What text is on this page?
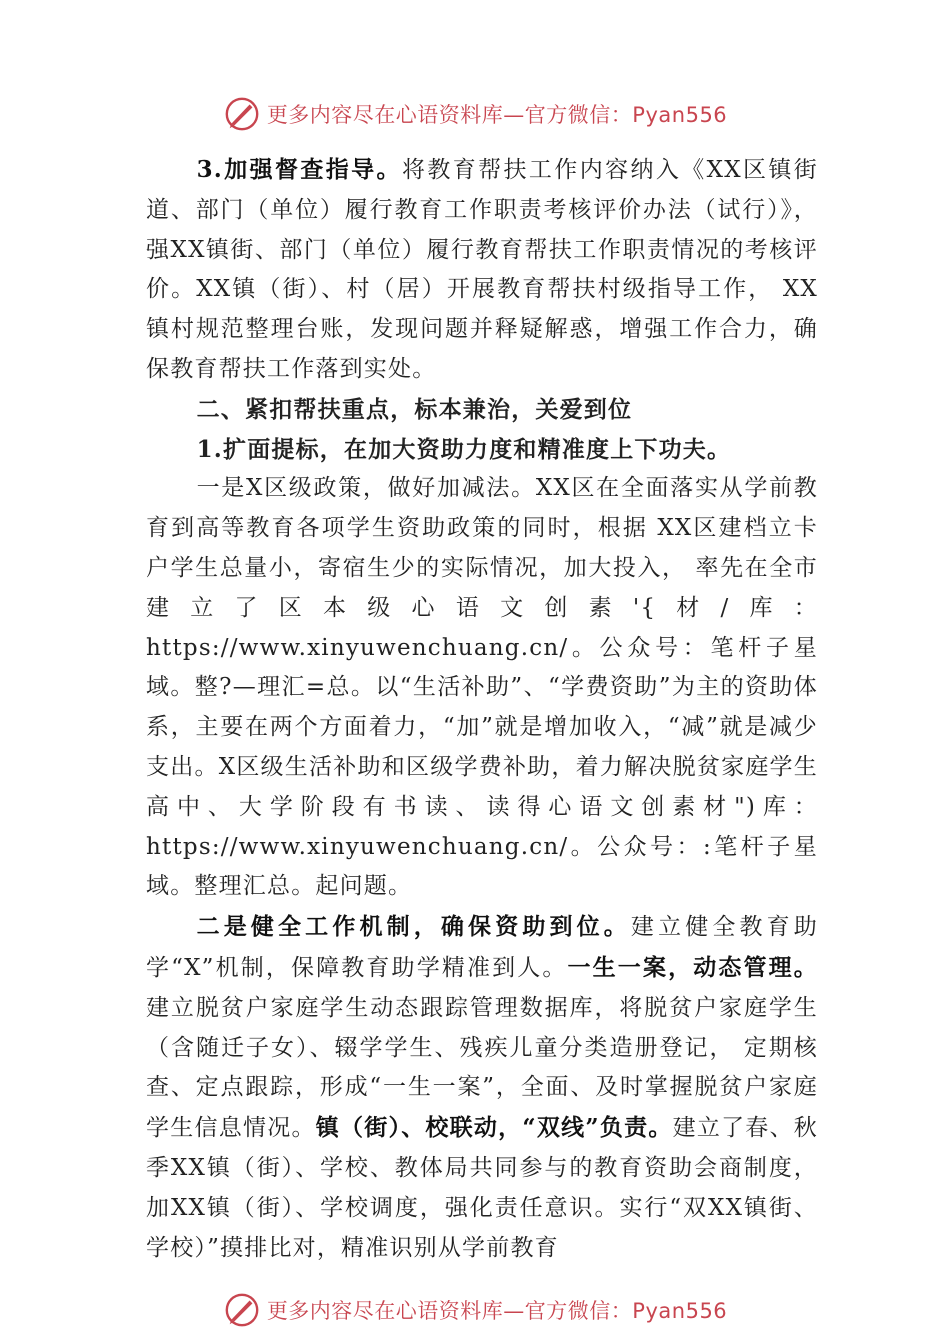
更多内容尽在心语资料库—官方微信：Pyan556

3.加强督查指导。将教育帮扶工作内容纳入《XX区镇街道、部门（单位）履行教育工作职责考核评价办法（试行）》，强XX镇街、部门（单位）履行教育帮扶工作职责情况的考核评价。XX镇（街）、村（居）开展教育帮扶村级指导工作， XX镇村规范整理台账，发现问题并释疑解惑，增强工作合力，确保教育帮扶工作落到实处。

二、紧扣帮扶重点，标本兼治，关爱到位

1.扩面提标，在加大资助力度和精准度上下功夫。

一是X区级政策，做好加减法。XX区在全面落实从学前教育到高等教育各项学生资助政策的同时，根据 XX区建档立卡户学生总量小，寄宿生少的实际情况，加大投入， 率先在全市建立了区本级心语文创素'{材/库：https://www.xinyuwenchuang.cn/。公众号：笔杆子星域。整?—理汇=总。以“生活补助”、“学费资助”为主的资助体系，主要在两个方面着力，“加”就是增加收入，“减”就是减少支出。X区级生活补助和区级学费补助，着力解决脱贫家庭学生高中、大学阶段有书读、读得心语文创素材")库：https://www.xinyuwenchuang.cn/。公众号：:笔杆子星域。整理汇总。起问题。

二是健全工作机制，确保资助到位。建立健全教育助学“X”机制，保障教育助学精准到人。一生一案，动态管理。建立脱贫户家庭学生动态跟踪管理数据库，将脱贫户家庭学生（含随迁子女）、辍学学生、残疾儿童分类造册登记， 定期核查、定点跟踪，形成“一生一案”，全面、及时掌握脱贫户家庭学生信息情况。镇（街）、校联动，“双线”负责。建立了春、秋季XX镇（街）、学校、教体局共同参与的教育资助会商制度，加XX镇（街）、学校调度，强化责任意识。实行“双XX镇街、学校）”摸排比对，精准识别从学前教育

更多内容尽在心语资料库—官方微信：Pyan556
